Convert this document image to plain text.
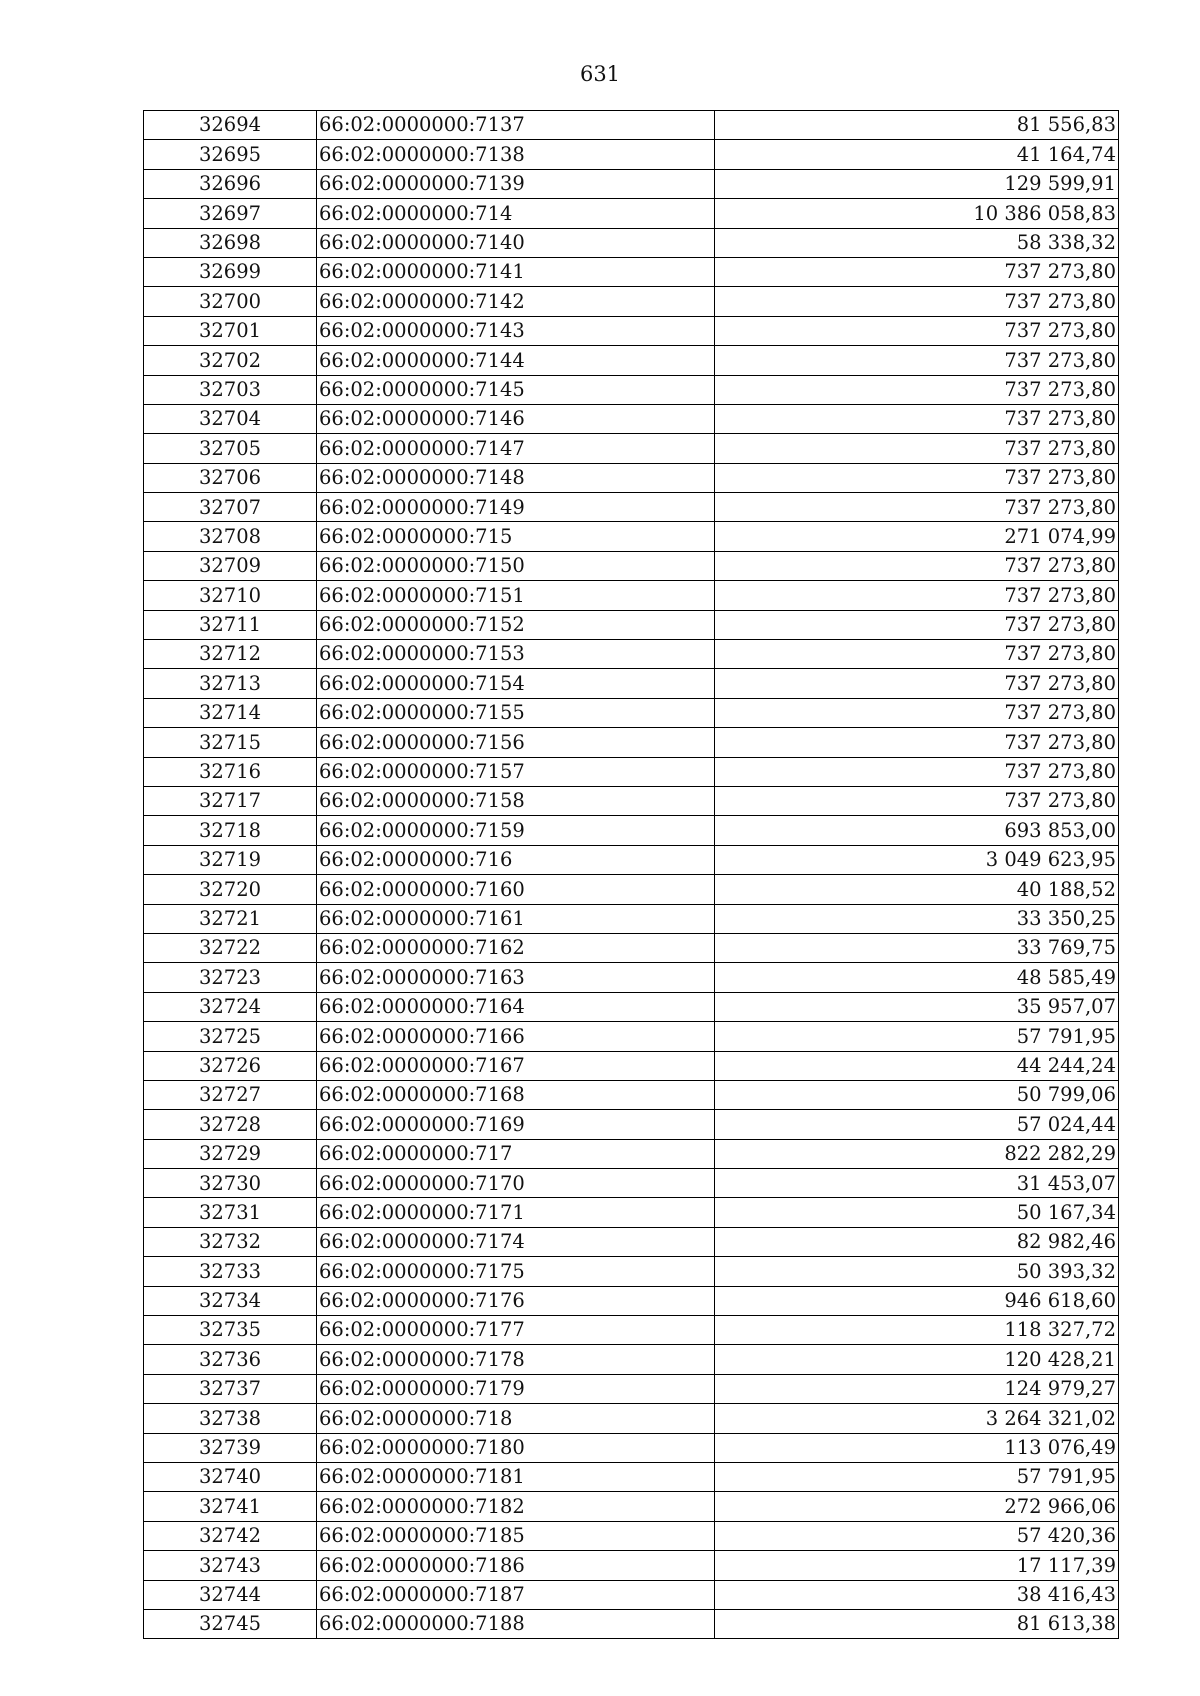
631
32694	66:02:0000000:7137	81 556,83
32695	66:02:0000000:7138	41 164,74
32696	66:02:0000000:7139	129 599,91
32697	66:02:0000000:714	10 386 058,83
32698	66:02:0000000:7140	58 338,32
32699	66:02:0000000:7141	737 273,80
32700	66:02:0000000:7142	737 273,80
32701	66:02:0000000:7143	737 273,80
32702	66:02:0000000:7144	737 273,80
32703	66:02:0000000:7145	737 273,80
32704	66:02:0000000:7146	737 273,80
32705	66:02:0000000:7147	737 273,80
32706	66:02:0000000:7148	737 273,80
32707	66:02:0000000:7149	737 273,80
32708	66:02:0000000:715	271 074,99
32709	66:02:0000000:7150	737 273,80
32710	66:02:0000000:7151	737 273,80
32711	66:02:0000000:7152	737 273,80
32712	66:02:0000000:7153	737 273,80
32713	66:02:0000000:7154	737 273,80
32714	66:02:0000000:7155	737 273,80
32715	66:02:0000000:7156	737 273,80
32716	66:02:0000000:7157	737 273,80
32717	66:02:0000000:7158	737 273,80
32718	66:02:0000000:7159	693 853,00
32719	66:02:0000000:716	3 049 623,95
32720	66:02:0000000:7160	40 188,52
32721	66:02:0000000:7161	33 350,25
32722	66:02:0000000:7162	33 769,75
32723	66:02:0000000:7163	48 585,49
32724	66:02:0000000:7164	35 957,07
32725	66:02:0000000:7166	57 791,95
32726	66:02:0000000:7167	44 244,24
32727	66:02:0000000:7168	50 799,06
32728	66:02:0000000:7169	57 024,44
32729	66:02:0000000:717	822 282,29
32730	66:02:0000000:7170	31 453,07
32731	66:02:0000000:7171	50 167,34
32732	66:02:0000000:7174	82 982,46
32733	66:02:0000000:7175	50 393,32
32734	66:02:0000000:7176	946 618,60
32735	66:02:0000000:7177	118 327,72
32736	66:02:0000000:7178	120 428,21
32737	66:02:0000000:7179	124 979,27
32738	66:02:0000000:718	3 264 321,02
32739	66:02:0000000:7180	113 076,49
32740	66:02:0000000:7181	57 791,95
32741	66:02:0000000:7182	272 966,06
32742	66:02:0000000:7185	57 420,36
32743	66:02:0000000:7186	17 117,39
32744	66:02:0000000:7187	38 416,43
32745	66:02:0000000:7188	81 613,38
